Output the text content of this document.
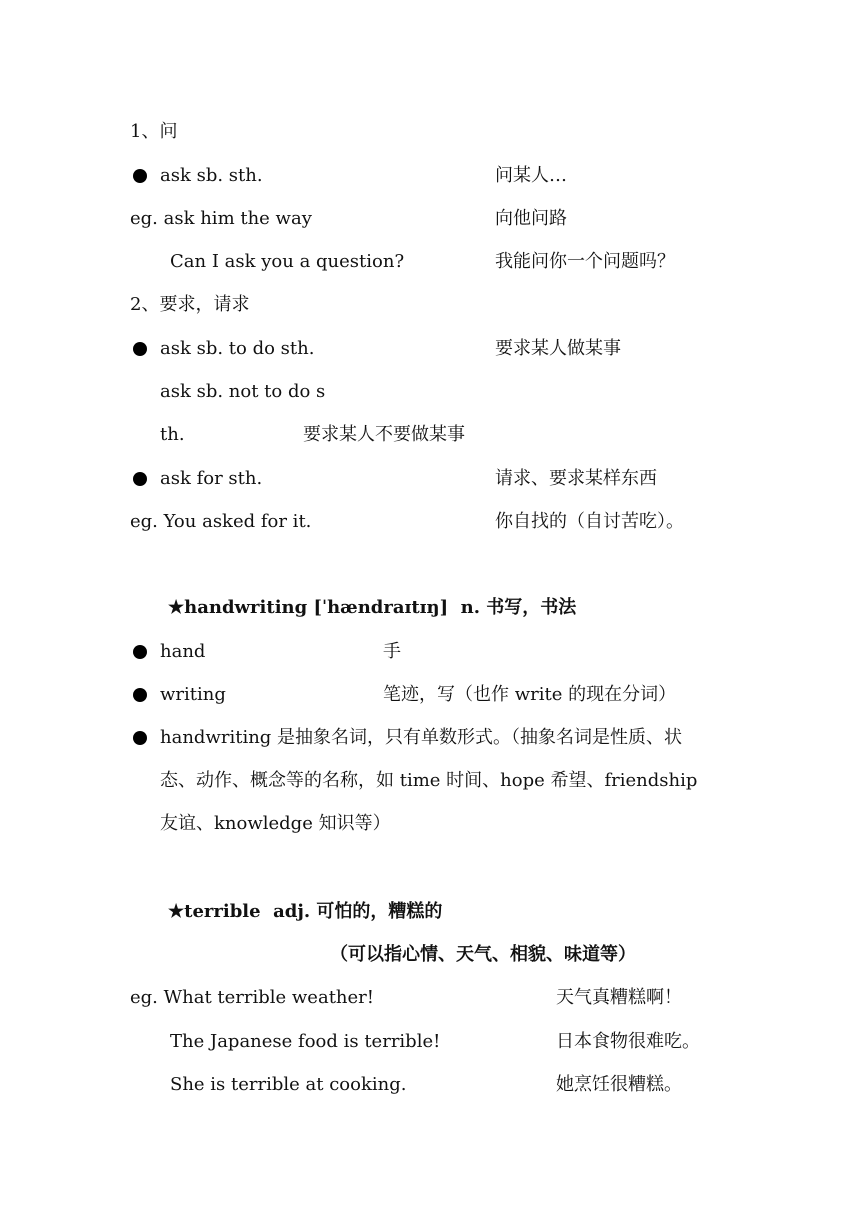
1、问
ask sb. sth.	问某人…
eg. ask him the way	向他问路
Can I ask you a question?	我能问你一个问题吗？
2、要求，请求
ask sb. to do sth.	要求某人做某事
ask sb. not to do s
th.	要求某人不要做某事
ask for sth.	请求、要求某样东西
eg. You asked for it.	你自找的（自讨苦吃）。
★handwriting [ˈhændraɪtɪŋ]  n. 书写，书法
hand	手
writing	笔迹，写（也作 write 的现在分词）
handwriting 是抽象名词，只有单数形式。（抽象名词是性质、状
态、动作、概念等的名称，如 time 时间、hope 希望、friendship
友谊、knowledge 知识等）
★terrible  adj. 可怕的，糟糕的
（可以指心情、天气、相貌、味道等）
eg. What terrible weather!	天气真糟糕啊！
The Japanese food is terrible!	日本食物很难吃。
She is terrible at cooking.	她烹饪很糟糕。
